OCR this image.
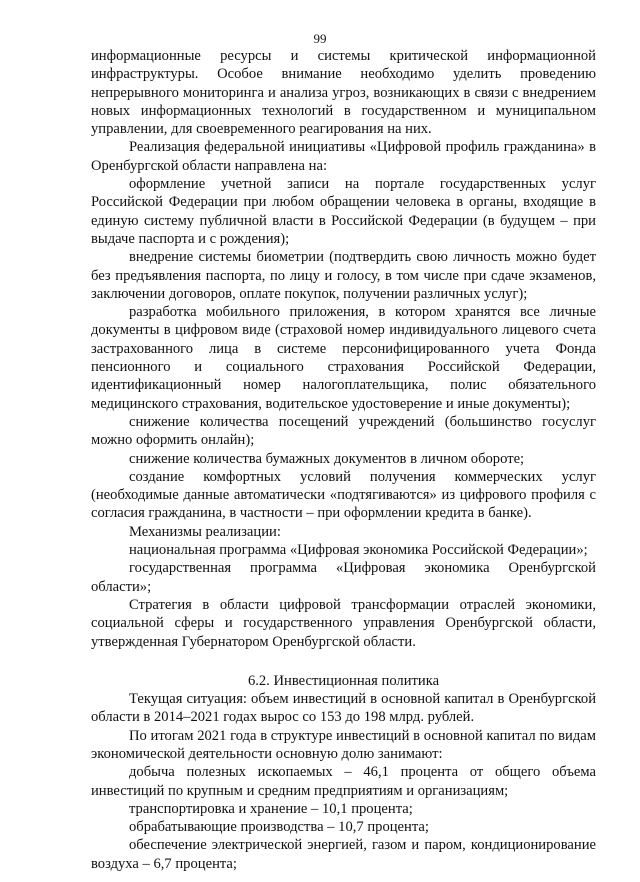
99

информационные ресурсы и системы критической информационной инфраструктуры. Особое внимание необходимо уделить проведению непрерывного мониторинга и анализа угроз, возникающих в связи с внедрением новых информационных технологий в государственном и муниципальном управлении, для своевременного реагирования на них.

Реализация федеральной инициативы «Цифровой профиль гражданина» в Оренбургской области направлена на:

оформление учетной записи на портале государственных услуг Российской Федерации при любом обращении человека в органы, входящие в единую систему публичной власти в Российской Федерации (в будущем – при выдаче паспорта и с рождения);

внедрение системы биометрии (подтвердить свою личность можно будет без предъявления паспорта, по лицу и голосу, в том числе при сдаче экзаменов, заключении договоров, оплате покупок, получении различных услуг);

разработка мобильного приложения, в котором хранятся все личные документы в цифровом виде (страховой номер индивидуального лицевого счета застрахованного лица в системе персонифицированного учета Фонда пенсионного и социального страхования Российской Федерации, идентификационный номер налогоплательщика, полис обязательного медицинского страхования, водительское удостоверение и иные документы);

снижение количества посещений учреждений (большинство госуслуг можно оформить онлайн);

снижение количества бумажных документов в личном обороте;

создание комфортных условий получения коммерческих услуг (необходимые данные автоматически «подтягиваются» из цифрового профиля с согласия гражданина, в частности – при оформлении кредита в банке).

Механизмы реализации:

национальная программа «Цифровая экономика Российской Федерации»;

государственная программа «Цифровая экономика Оренбургской области»;

Стратегия в области цифровой трансформации отраслей экономики, социальной сферы и государственного управления Оренбургской области, утвержденная Губернатором Оренбургской области.

6.2. Инвестиционная политика

Текущая ситуация: объем инвестиций в основной капитал в Оренбургской области в 2014–2021 годах вырос со 153 до 198 млрд. рублей.

По итогам 2021 года в структуре инвестиций в основной капитал по видам экономической деятельности основную долю занимают:

добыча полезных ископаемых – 46,1 процента от общего объема инвестиций по крупным и средним предприятиям и организациям;

транспортировка и хранение – 10,1 процента;

обрабатывающие производства – 10,7 процента;

обеспечение электрической энергией, газом и паром, кондиционирование воздуха – 6,7 процента;
